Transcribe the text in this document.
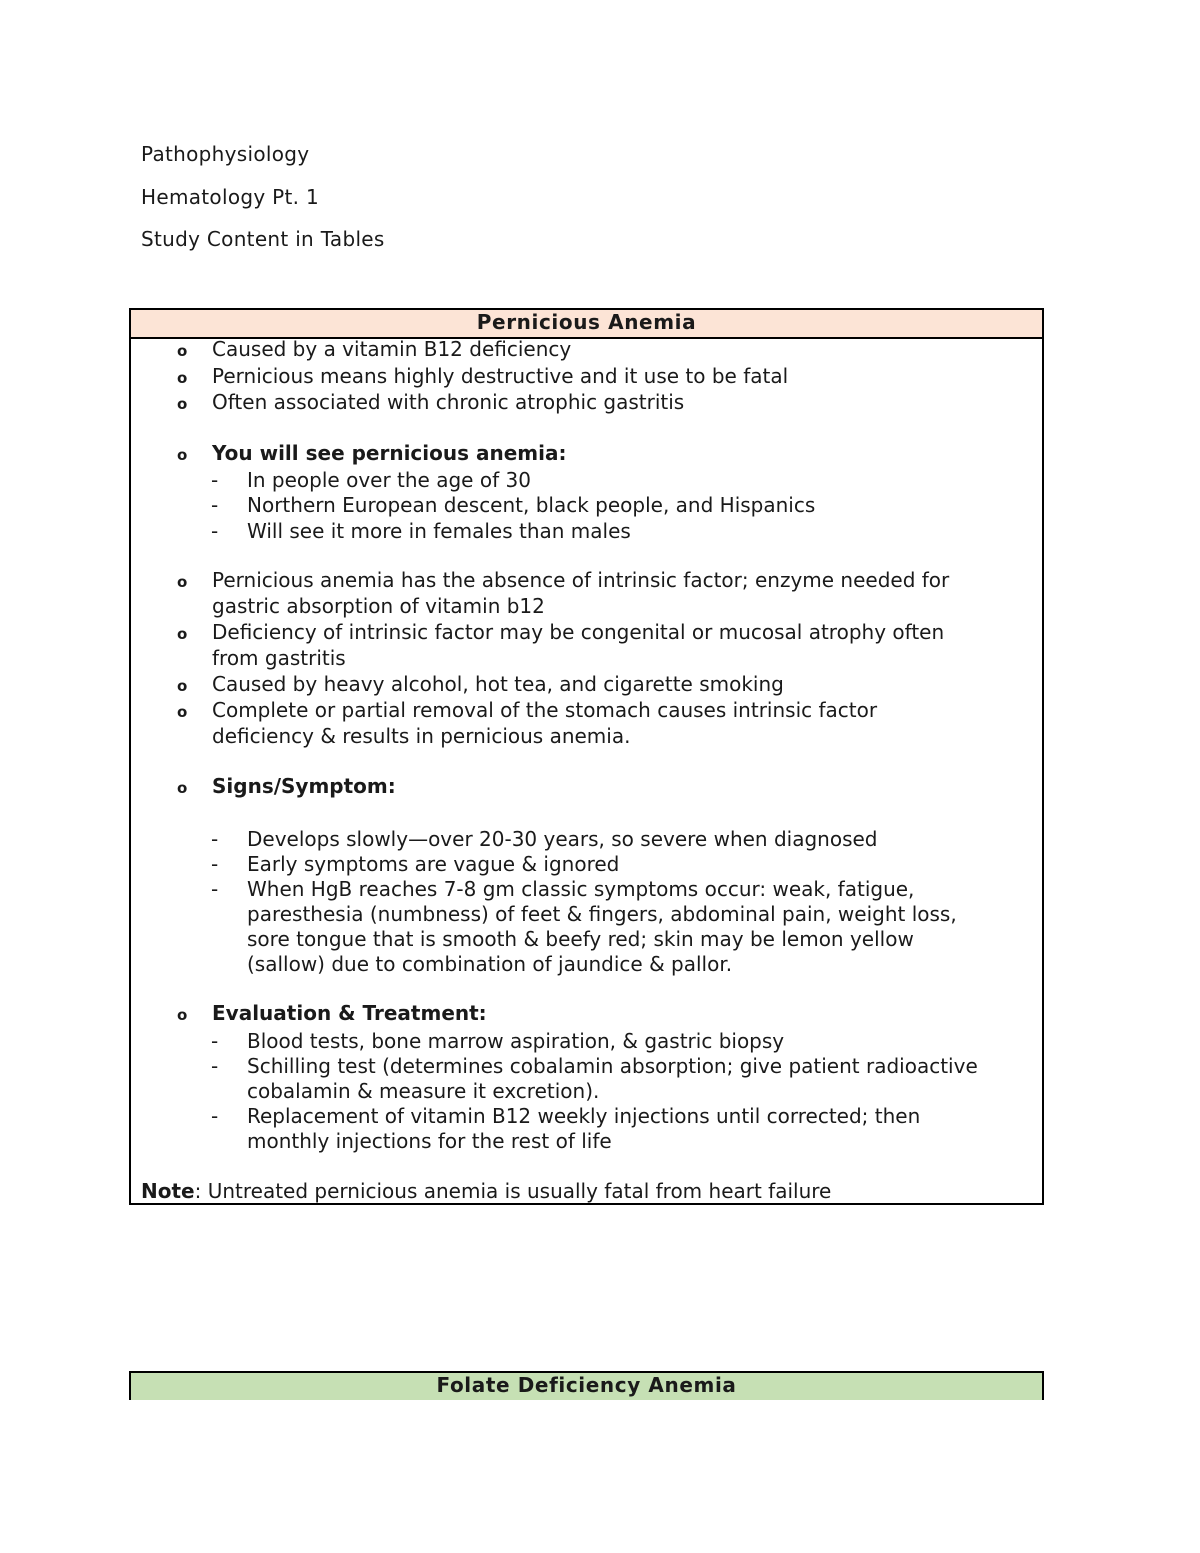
Pathophysiology
Hematology Pt. 1
Study Content in Tables
Pernicious Anemia
o Caused by a vitamin B12 deficiency
o Pernicious means highly destructive and it use to be fatal
o Often associated with chronic atrophic gastritis
o You will see pernicious anemia:
- In people over the age of 30
- Northern European descent, black people, and Hispanics
- Will see it more in females than males
o Pernicious anemia has the absence of intrinsic factor; enzyme needed for
gastric absorption of vitamin b12
o Deficiency of intrinsic factor may be congenital or mucosal atrophy often
from gastritis
o Caused by heavy alcohol, hot tea, and cigarette smoking
o Complete or partial removal of the stomach causes intrinsic factor
deficiency & results in pernicious anemia.
o Signs/Symptom:
- Develops slowly—over 20-30 years, so severe when diagnosed
- Early symptoms are vague & ignored
- When HgB reaches 7-8 gm classic symptoms occur: weak, fatigue,
paresthesia (numbness) of feet & fingers, abdominal pain, weight loss,
sore tongue that is smooth & beefy red; skin may be lemon yellow
(sallow) due to combination of jaundice & pallor.
o Evaluation & Treatment:
- Blood tests, bone marrow aspiration, & gastric biopsy
- Schilling test (determines cobalamin absorption; give patient radioactive
cobalamin & measure it excretion).
- Replacement of vitamin B12 weekly injections until corrected; then
monthly injections for the rest of life
Note: Untreated pernicious anemia is usually fatal from heart failure
Folate Deficiency Anemia
